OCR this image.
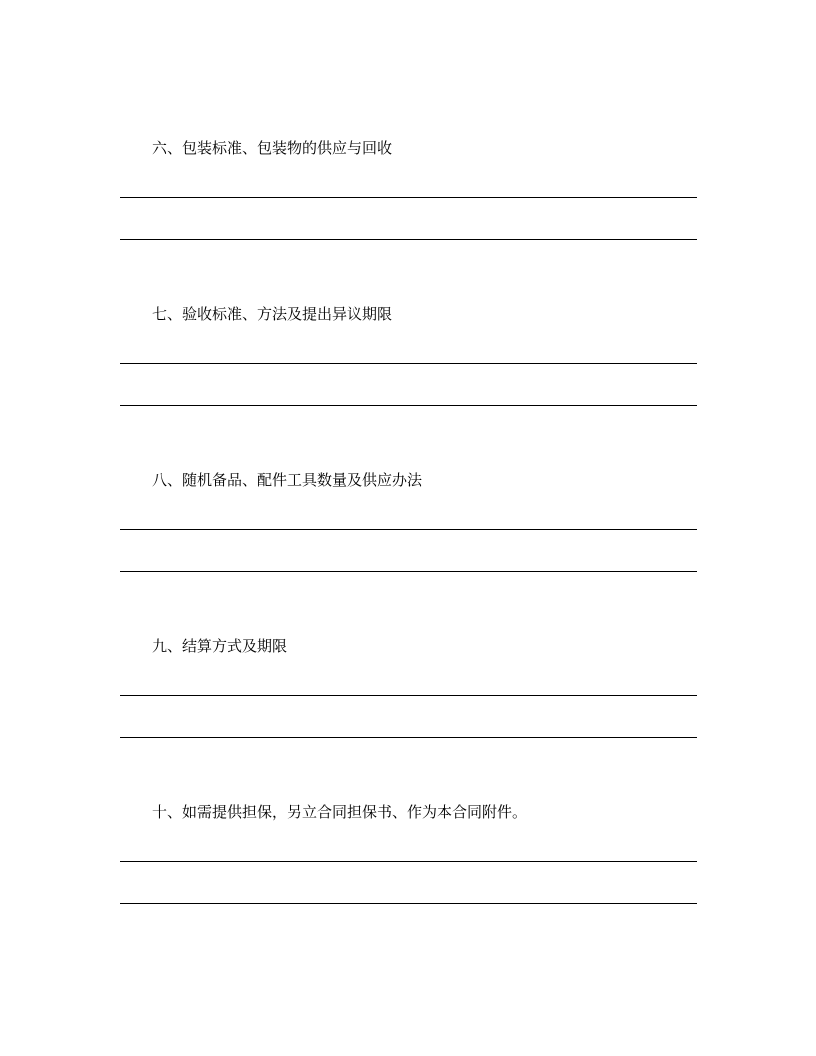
六、包装标准、包装物的供应与回收
七、验收标准、方法及提出异议期限
八、随机备品、配件工具数量及供应办法
九、结算方式及期限
十、如需提供担保，另立合同担保书、作为本合同附件。
